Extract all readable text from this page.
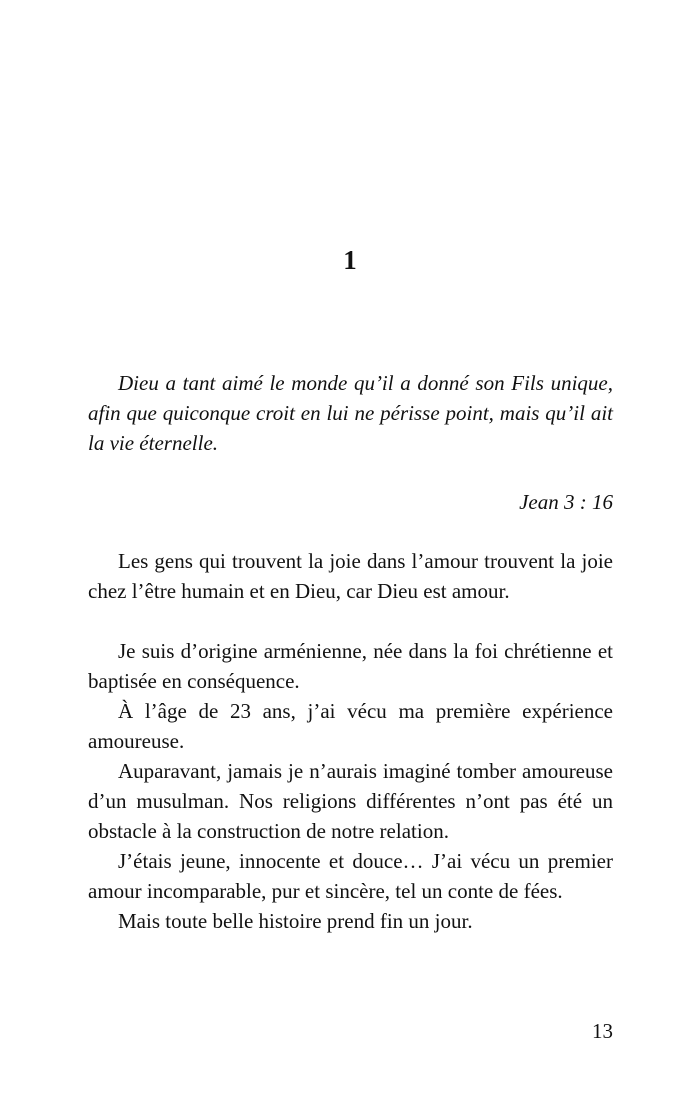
1

Dieu a tant aimé le monde qu’il a donné son Fils unique, afin que quiconque croit en lui ne périsse point, mais qu’il ait la vie éternelle.

Jean 3 : 16

Les gens qui trouvent la joie dans l’amour trouvent la joie chez l’être humain et en Dieu, car Dieu est amour.

Je suis d’origine arménienne, née dans la foi chrétienne et baptisée en conséquence.

À l’âge de 23 ans, j’ai vécu ma première expérience amoureuse.

Auparavant, jamais je n’aurais imaginé tomber amoureuse d’un musulman. Nos religions différentes n’ont pas été un obstacle à la construction de notre relation.

J’étais jeune, innocente et douce… J’ai vécu un premier amour incomparable, pur et sincère, tel un conte de fées.

Mais toute belle histoire prend fin un jour.

13
